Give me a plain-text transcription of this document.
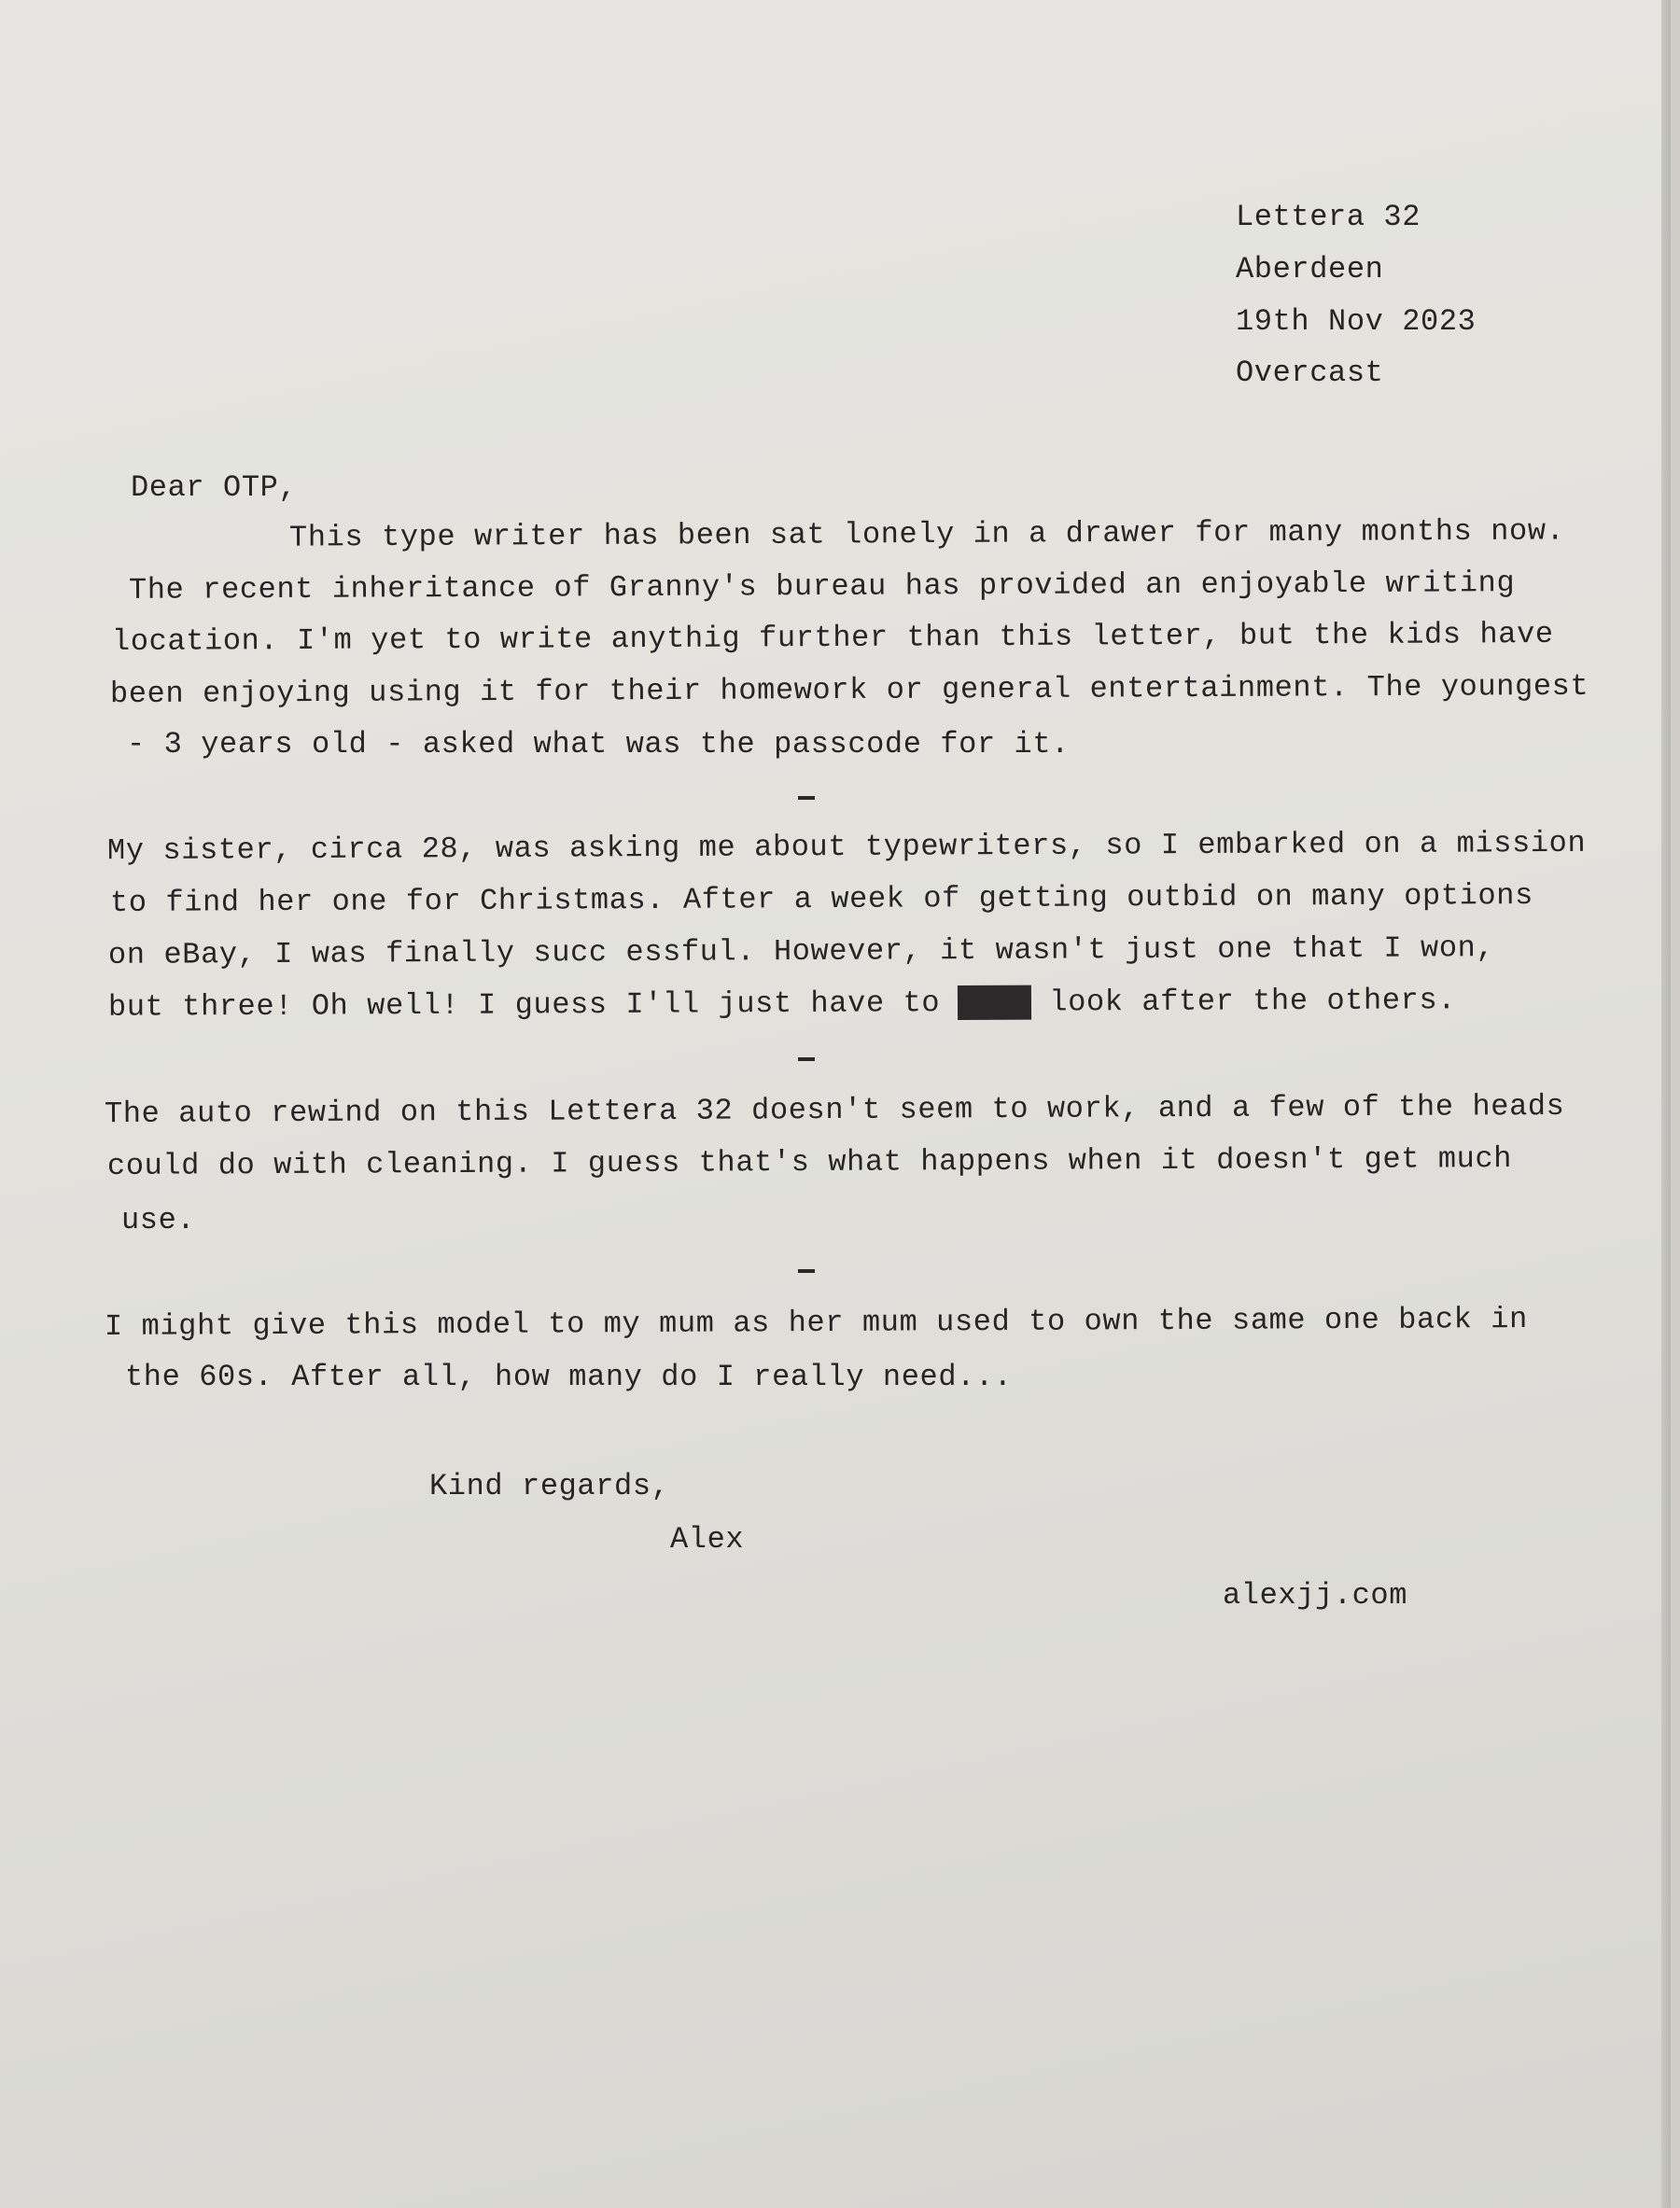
Lettera 32
Aberdeen
19th Nov 2023
Overcast
Dear OTP,
This type writer has been sat lonely in a drawer for many months now.
The recent inheritance of Granny's bureau has provided an enjoyable writing
location. I'm yet to write anythig further than this letter, but the kids have
been enjoying using it for their homework or general entertainment. The youngest
- 3 years old - asked what was the passcode for it.
My sister, circa 28, was asking me about typewriters, so I embarked on a mission
to find her one for Christmas. After a week of getting outbid on many options
on eBay, I was finally succ essful. However, it wasn't just one that I won,
but three! Oh well! I guess I'll just have to have look after the others.
The auto rewind on this Lettera 32 doesn't seem to work, and a few of the heads
could do with cleaning. I guess that's what happens when it doesn't get much
use.
I might give this model to my mum as her mum used to own the same one back in
the 60s. After all, how many do I really need...
Kind regards,
Alex
alexjj.com
